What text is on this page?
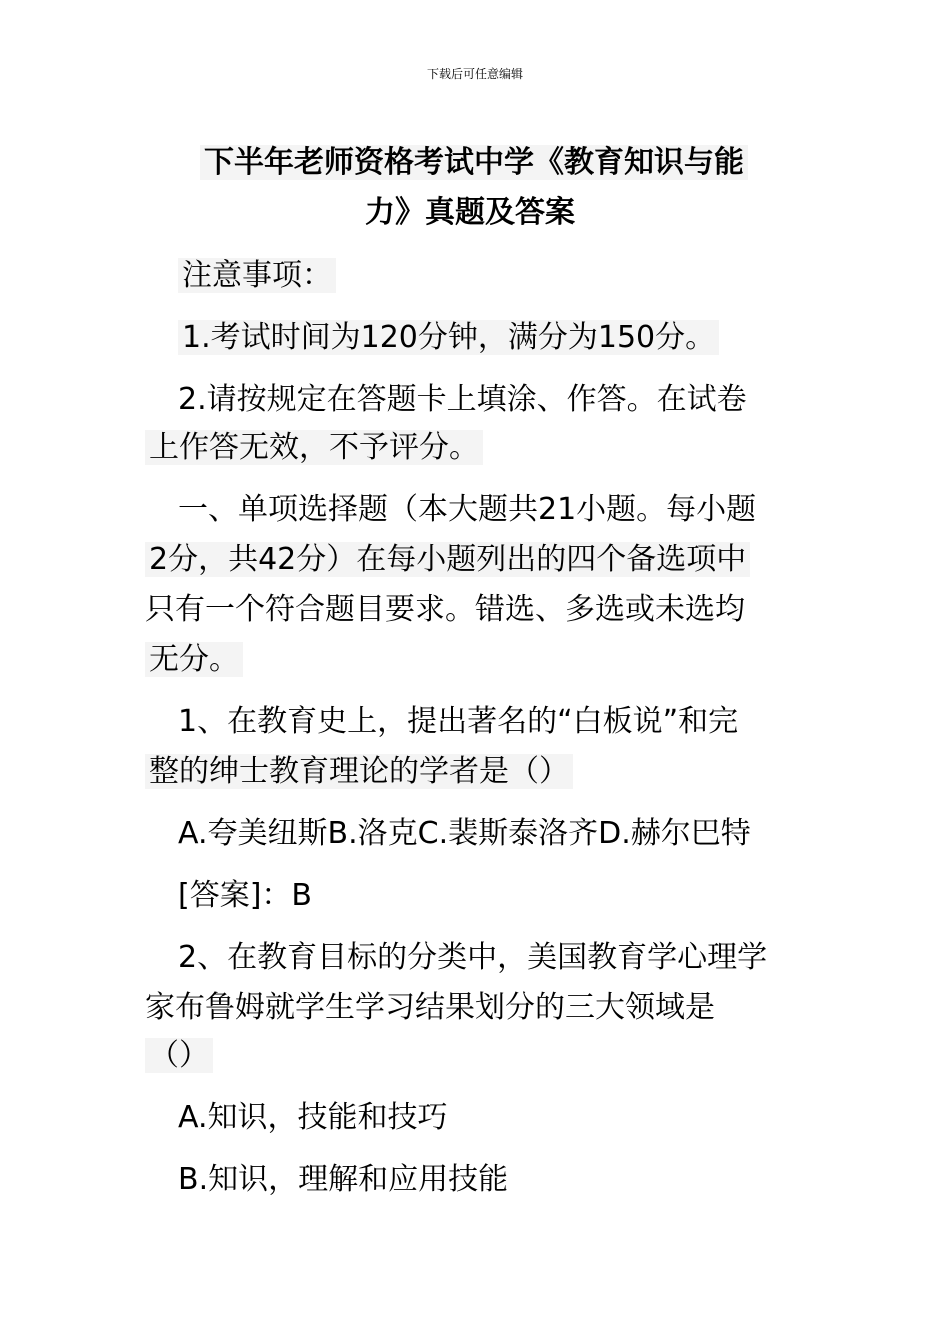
下载后可任意编辑
下半年老师资格考试中学《教育知识与能
力》真题及答案
注意事项：
1.考试时间为120分钟，满分为150分。
2.请按规定在答题卡上填涂、作答。在试卷
上作答无效，不予评分。
一、单项选择题（本大题共21小题。每小题
2分，共42分）在每小题列出的四个备选项中
只有一个符合题目要求。错选、多选或未选均
无分。
1、在教育史上，提出著名的“白板说”和完
整的绅士教育理论的学者是（）
A.夸美纽斯B.洛克C.裴斯泰洛齐D.赫尔巴特
[答案]：B
2、在教育目标的分类中，美国教育学心理学
家布鲁姆就学生学习结果划分的三大领域是
（）
A.知识，技能和技巧
B.知识，理解和应用技能
